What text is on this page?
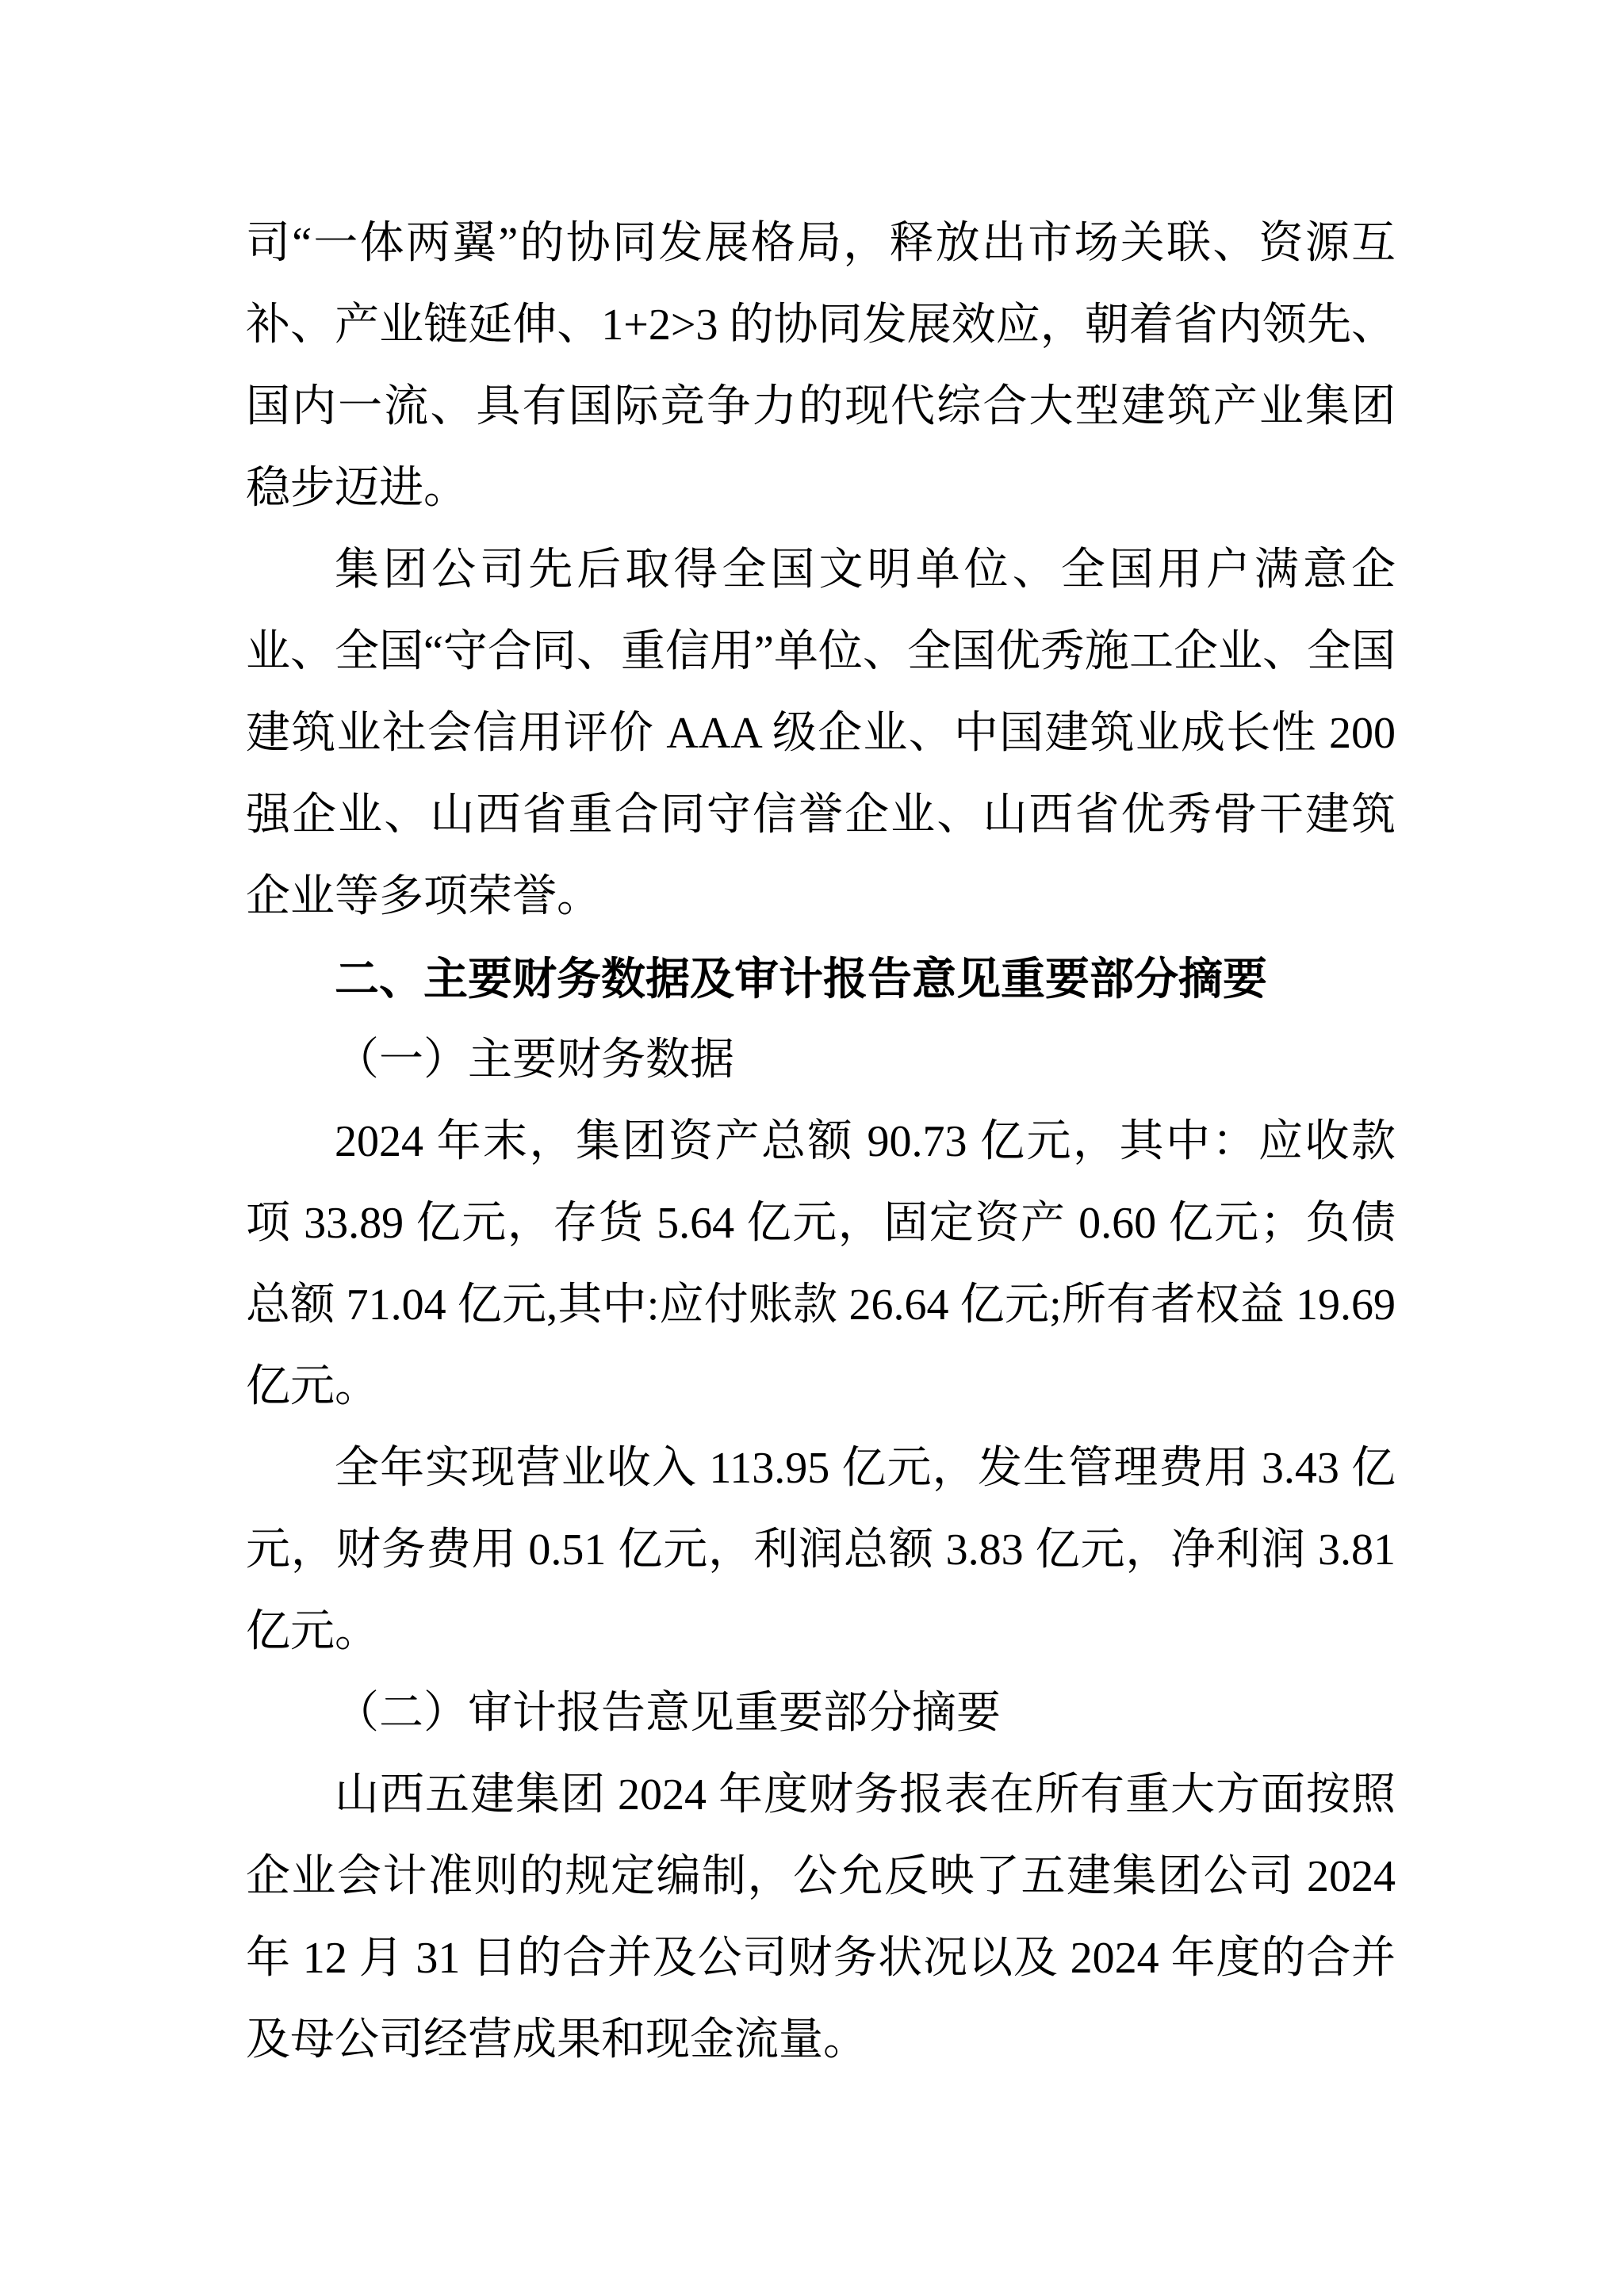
司“一体两翼”的协同发展格局，释放出市场关联、资源互补、产业链延伸、1+2>3 的协同发展效应，朝着省内领先、国内一流、具有国际竞争力的现代综合大型建筑产业集团稳步迈进。

集团公司先后取得全国文明单位、全国用户满意企业、全国“守合同、重信用”单位、全国优秀施工企业、全国建筑业社会信用评价 AAA 级企业、中国建筑业成长性 200 强企业、山西省重合同守信誉企业、山西省优秀骨干建筑企业等多项荣誉。

二、主要财务数据及审计报告意见重要部分摘要

（一）主要财务数据

2024 年末，集团资产总额 90.73 亿元，其中：应收款项 33.89 亿元，存货 5.64 亿元，固定资产 0.60 亿元；负债总额 71.04 亿元,其中:应付账款 26.64 亿元;所有者权益 19.69 亿元。

全年实现营业收入 113.95 亿元，发生管理费用 3.43 亿元，财务费用 0.51 亿元，利润总额 3.83 亿元，净利润 3.81 亿元。

（二）审计报告意见重要部分摘要

山西五建集团 2024 年度财务报表在所有重大方面按照企业会计准则的规定编制，公允反映了五建集团公司 2024 年 12 月 31 日的合并及公司财务状况以及 2024 年度的合并及母公司经营成果和现金流量。
